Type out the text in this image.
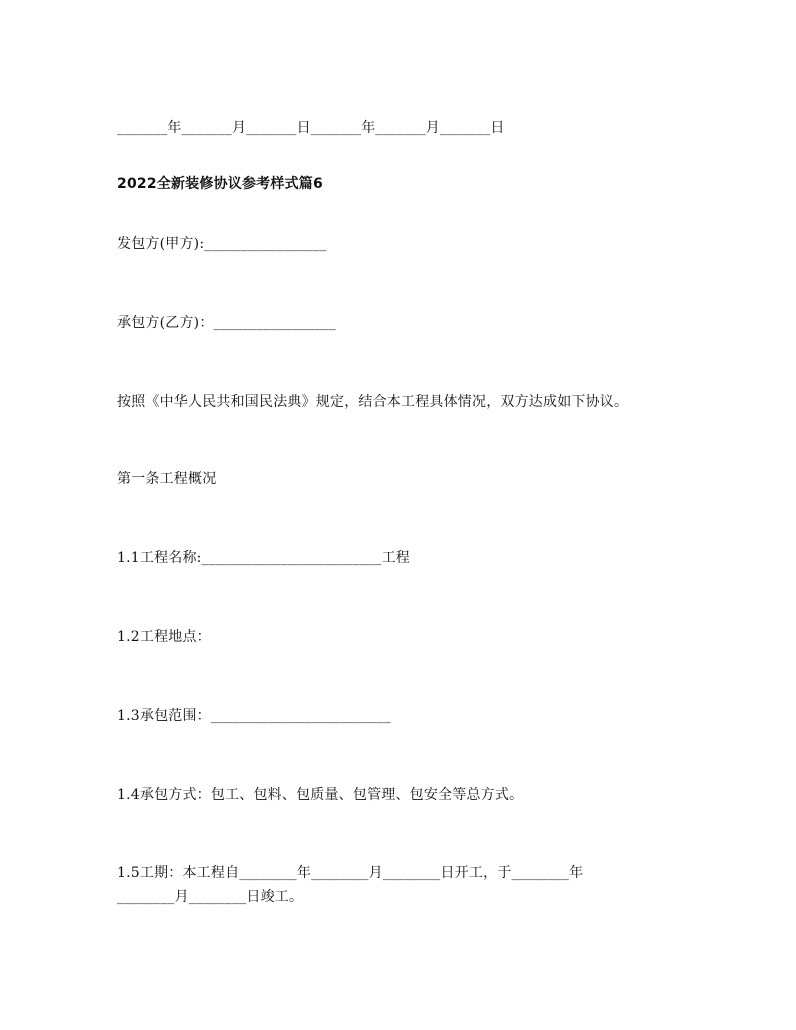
_______年_______月_______日_______年_______月_______日
2022全新装修协议参考样式篇6
发包方(甲方):_________________
承包方(乙方)：_________________
按照《中华人民共和国民法典》规定，结合本工程具体情况，双方达成如下协议。
第一条工程概况
1.1工程名称:_________________________工程
1.2工程地点：
1.3承包范围：_________________________
1.4承包方式：包工、包料、包质量、包管理、包安全等总方式。
1.5工期：本工程自________年________月________日开工，于________年
________月________日竣工。
